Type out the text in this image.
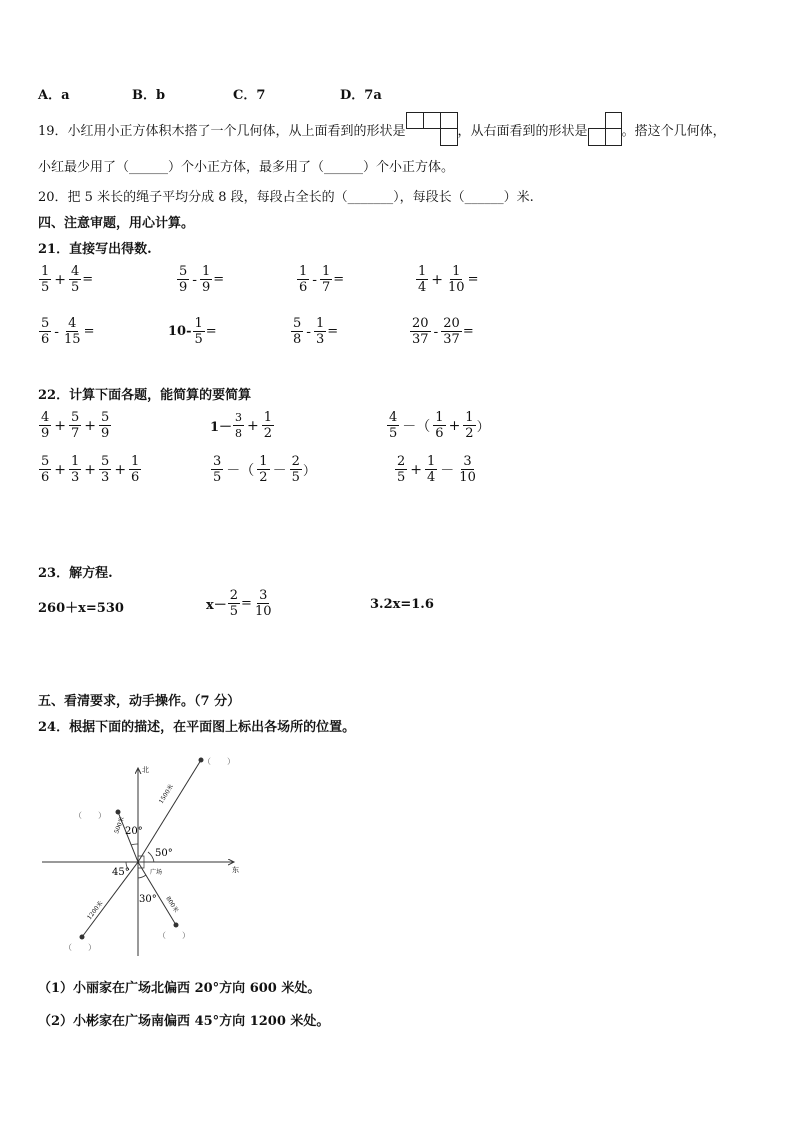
A．a	B．b	C．7	D．7a
19．小红用小正方体积木搭了一个几何体，从上面看到的形状是	，从右面看到的形状是	。搭这个几何体，
小红最少用了（______）个小正方体，最多用了（______）个小正方体。
20．把 5 米长的绳子平均分成 8 段，每段占全长的（_______），每段长（______）米.
四、注意审题，用心计算。
21．直接写出得数.
$\frac{1}{5} + \frac{4}{5}$ =	$\frac{5}{9} - \frac{1}{9}$ =	$\frac{1}{6} - \frac{1}{7}$ =	$\frac{1}{4} + \frac{1}{10}$ =
$\frac{5}{6} - \frac{4}{15}$ =	$10- \frac{1}{5}$ =	$\frac{5}{8} - \frac{1}{3}$ =	$\frac{20}{37} - \frac{20}{37}$ =
22．计算下面各题，能简算的要简算
$\frac{4}{9} + \frac{5}{7} + \frac{5}{9}$	$1- \frac{3}{8} + \frac{1}{2}$	$\frac{4}{5}$ －（ $\frac{1}{6} + \frac{1}{2}$ ）
$\frac{5}{6} + \frac{1}{3} + \frac{5}{3} + \frac{1}{6}$	$\frac{3}{5}$ －（ $\frac{1}{2} - \frac{2}{5}$ ）	$\frac{2}{5} + \frac{1}{4} - \frac{3}{10}$
23．解方程.
260＋x=530	$x- \frac{2}{5} = \frac{3}{10}$	3.2x=1.6
五、看清要求，动手操作。（7 分）
24．根据下面的描述，在平面图上标出各场所的位置。
北
东
20°
50°
45°
30°
广场
500米
1500米
1200米	800米
（　　）
（　　）
（　　）
（　　）
（1）小丽家在广场北偏西 20°方向 600 米处。
（2）小彬家在广场南偏西 45°方向 1200 米处。
